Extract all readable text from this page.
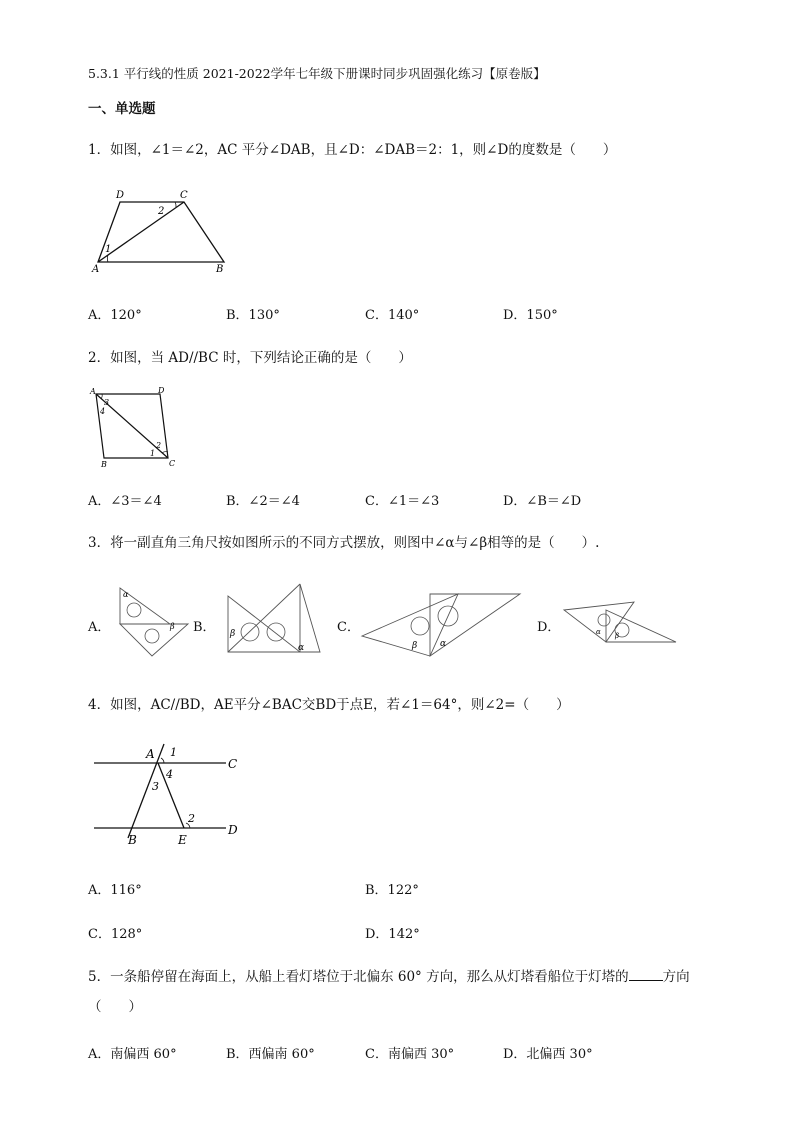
5.3.1 平行线的性质 2021-2022学年七年级下册课时同步巩固强化练习【原卷版】
一、单选题
1．如图，∠1＝∠2，AC 平分∠DAB，且∠D：∠DAB＝2：1，则∠D的度数是（　　）
A	B
C
D
1
2
A．120°	B．130°	C．140°	D．150°
2．如图，当 AD//BC 时，下列结论正确的是（　　）
A	D
B	C
3
4
2
1
A．∠3＝∠4	B．∠2＝∠4	C．∠1＝∠3	D．∠B＝∠D
3．将一副直角三角尺按如图所示的不同方式摆放，则图中∠α与∠β相等的是（　　）.
A．
α
β B． β
α
C．
β	α
D．	α β
4．如图，AC//BD，AE平分∠BAC交BD于点E，若∠1＝64°，则∠2=（　　）
A 1
C
4
3
2
B	E
D
A．116°	B．122°
C．128°	D．142°
5．一条船停留在海面上，从船上看灯塔位于北偏东 60° 方向，那么从灯塔看船位于灯塔的	方向
（　　）
A．南偏西 60°	B．西偏南 60°	C．南偏西 30°	D．北偏西 30°
